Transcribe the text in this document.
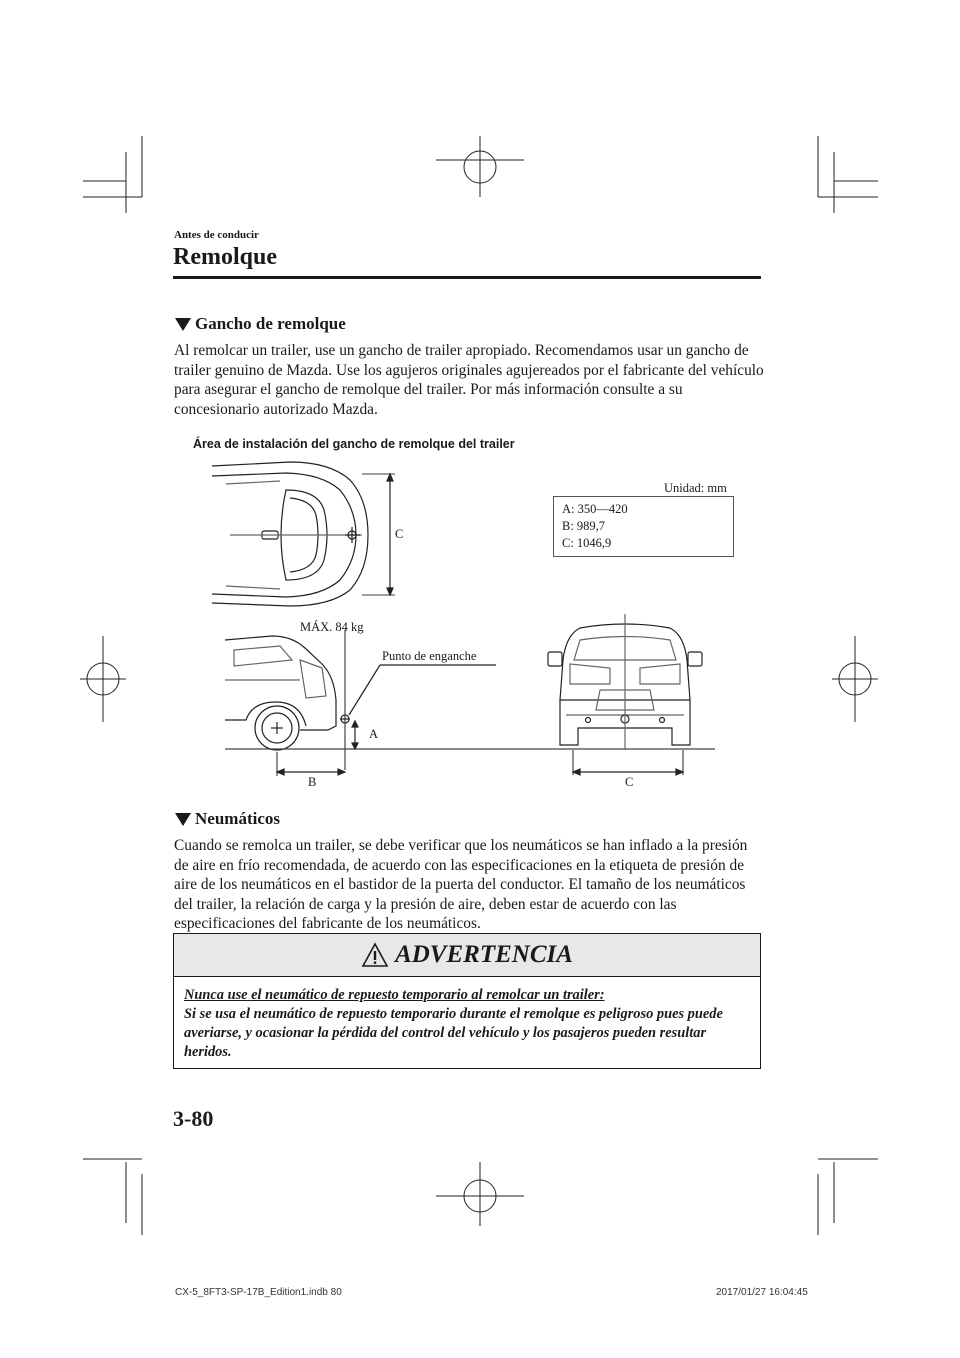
Antes de conducir
Remolque
Gancho de remolque
Al remolcar un trailer, use un gancho de trailer apropiado. Recomendamos usar un gancho de trailer genuino de Mazda. Use los agujeros originales agujereados por el fabricante del vehículo para asegurar el gancho de remolque del trailer. Por más información consulte a su concesionario autorizado Mazda.
Área de instalación del gancho de remolque del trailer
Unidad: mm
A: 350—420
B: 989,7
C: 1046,9
C
MÁX. 84 kg
Punto de enganche
A
B	C
Neumáticos
Cuando se remolca un trailer, se debe verificar que los neumáticos se han inflado a la presión de aire en frío recomendada, de acuerdo con las especificaciones en la etiqueta de presión de aire de los neumáticos en el bastidor de la puerta del conductor. El tamaño de los neumáticos del trailer, la relación de carga y la presión de aire, deben estar de acuerdo con las especificaciones del fabricante de los neumáticos.
ADVERTENCIA
Nunca use el neumático de repuesto temporario al remolcar un trailer:
Si se usa el neumático de repuesto temporario durante el remolque es peligroso pues puede averiarse, y ocasionar la pérdida del control del vehículo y los pasajeros pueden resultar heridos.
3-80
CX-5_8FT3-SP-17B_Edition1.indb 80	2017/01/27 16:04:45
